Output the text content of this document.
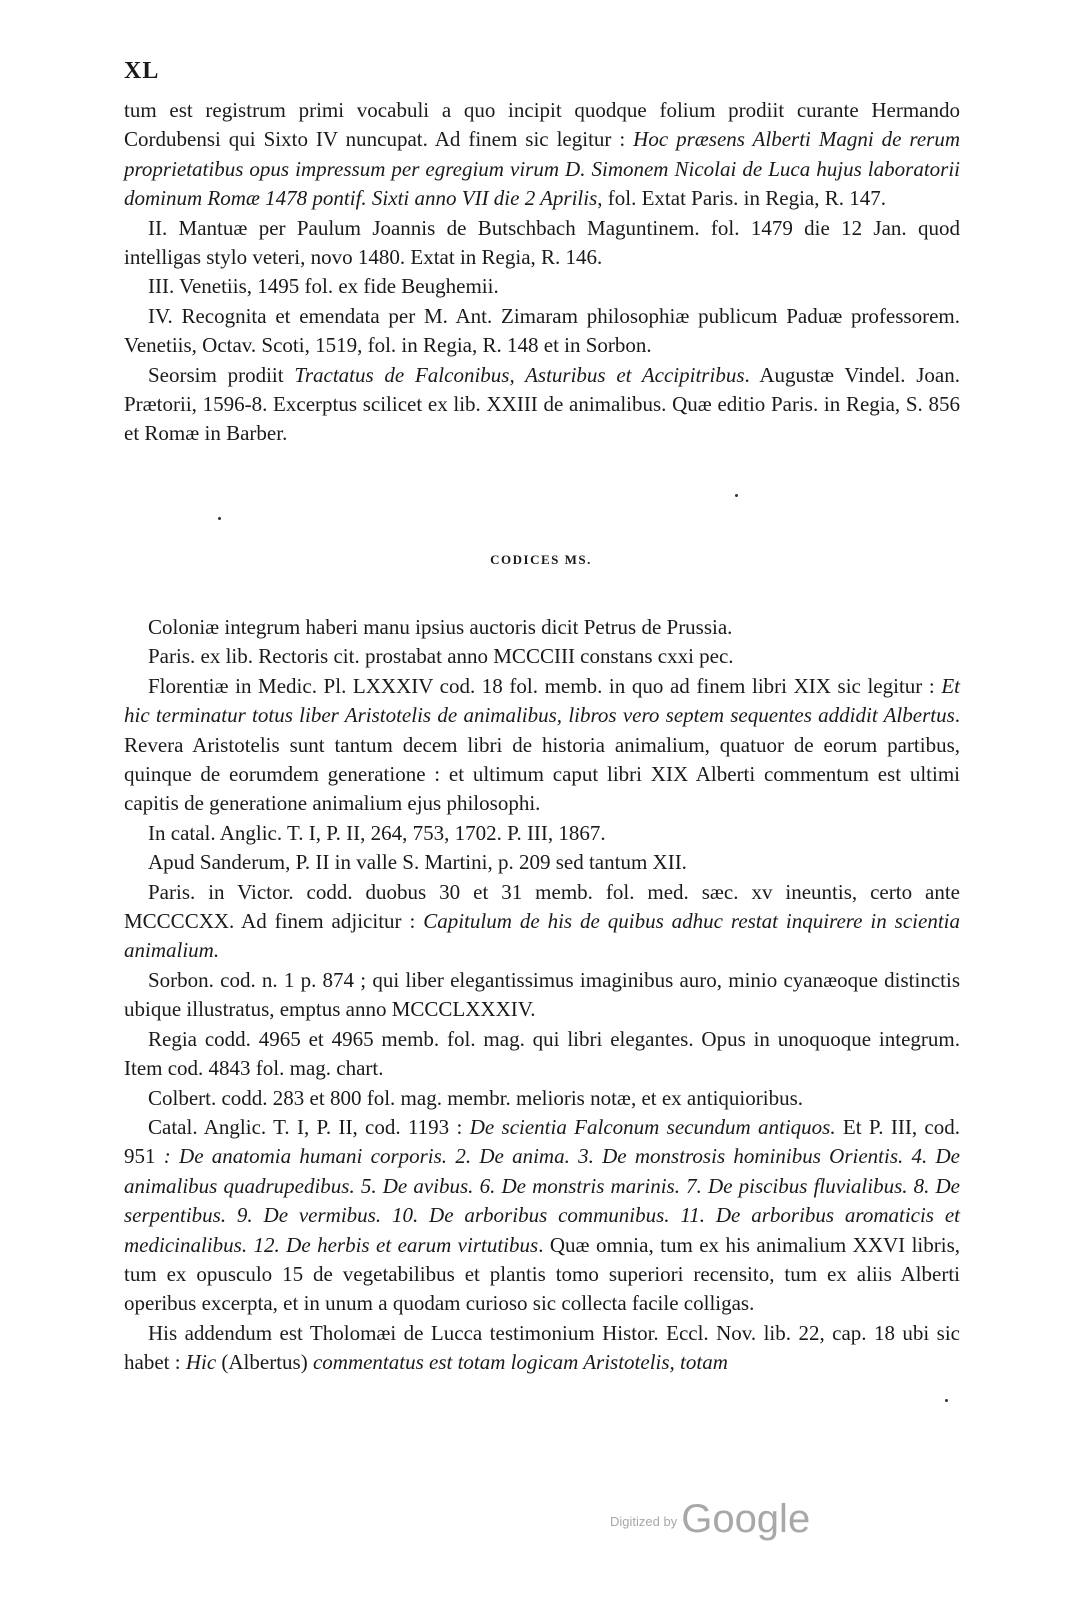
XL

tum est registrum primi vocabuli a quo incipit quodque folium prodiit curante Hermando Cordubensi qui Sixto IV nuncupat. Ad finem sic legitur : Hoc præsens Alberti Magni de rerum proprietatibus opus impressum per egregium virum D. Simonem Nicolai de Luca hujus laboratorii dominum Romæ 1478 pontif. Sixti anno VII die 2 Aprilis, fol. Extat Paris. in Regia, R. 147.

II. Mantuæ per Paulum Joannis de Butschbach Maguntinem. fol. 1479 die 12 Jan. quod intelligas stylo veteri, novo 1480. Extat in Regia, R. 146.

III. Venetiis, 1495 fol. ex fide Beughemii.

IV. Recognita et emendata per M. Ant. Zimaram philosophiæ publicum Paduæ professorem. Venetiis, Octav. Scoti, 1519, fol. in Regia, R. 148 et in Sorbon.

Seorsim prodiit Tractatus de Falconibus, Asturibus et Accipitribus. Augustæ Vindel. Joan. Prætorii, 1596-8. Excerptus scilicet ex lib. XXIII de animalibus. Quæ editio Paris. in Regia, S. 856 et Romæ in Barber.

CODICES MS.

Coloniæ integrum haberi manu ipsius auctoris dicit Petrus de Prussia.

Paris. ex lib. Rectoris cit. prostabat anno MCCCIII constans cxxi pec.

Florentiæ in Medic. Pl. LXXXIV cod. 18 fol. memb. in quo ad finem libri XIX sic legitur : Et hic terminatur totus liber Aristotelis de animalibus, libros vero septem sequentes addidit Albertus. Revera Aristotelis sunt tantum decem libri de historia animalium, quatuor de eorum partibus, quinque de eorumdem generatione : et ultimum caput libri XIX Alberti commentum est ultimi capitis de generatione animalium ejus philosophi.

In catal. Anglic. T. I, P. II, 264, 753, 1702. P. III, 1867.

Apud Sanderum, P. II in valle S. Martini, p. 209 sed tantum XII.

Paris. in Victor. codd. duobus 30 et 31 memb. fol. med. sæc. xv ineuntis, certo ante MCCCCXX. Ad finem adjicitur : Capitulum de his de quibus adhuc restat inquirere in scientia animalium.

Sorbon. cod. n. 1 p. 874 ; qui liber elegantissimus imaginibus auro, minio cyanæoque distinctis ubique illustratus, emptus anno MCCCLXXXIV.

Regia codd. 4965 et 4965 memb. fol. mag. qui libri elegantes. Opus in unoquoque integrum. Item cod. 4843 fol. mag. chart.

Colbert. codd. 283 et 800 fol. mag. membr. melioris notæ, et ex antiquioribus.

Catal. Anglic. T. I, P. II, cod. 1193 : De scientia Falconum secundum antiquos. Et P. III, cod. 951 : De anatomia humani corporis. 2. De anima. 3. De monstrosis hominibus Orientis. 4. De animalibus quadrupedibus. 5. De avibus. 6. De monstris marinis. 7. De piscibus fluvialibus. 8. De serpentibus. 9. De vermibus. 10. De arboribus communibus. 11. De arboribus aromaticis et medicinalibus. 12. De herbis et earum virtutibus. Quæ omnia, tum ex his animalium XXVI libris, tum ex opusculo 15 de vegetabilibus et plantis tomo superiori recensito, tum ex aliis Alberti operibus excerpta, et in unum a quodam curioso sic collecta facile colligas.

His addendum est Tholomæi de Lucca testimonium Histor. Eccl. Nov. lib. 22, cap. 18 ubi sic habet : Hic (Albertus) commentatus est totam logicam Aristotelis, totam

$^{Digitized by}$ Google
